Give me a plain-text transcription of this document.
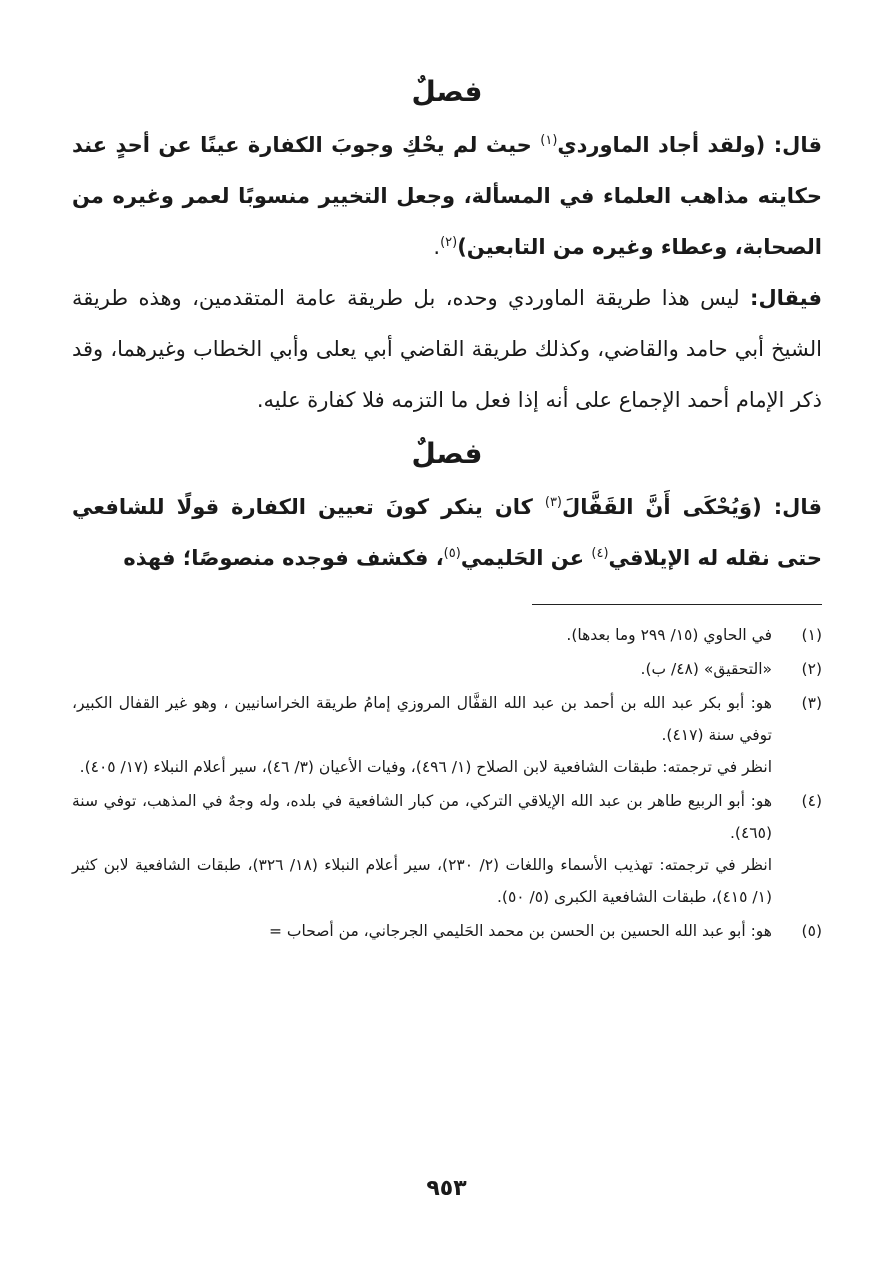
فصلٌ

قال: (ولقد أجاد الماوردي$^{(١)}$ حيث لم يحْكِ وجوبَ الكفارة عينًا عن أحدٍ عند حكايته مذاهب العلماء في المسألة، وجعل التخيير منسوبًا لعمر وغيره من الصحابة، وعطاء وغيره من التابعين)$^{(٢)}$.

فيقال: ليس هذا طريقة الماوردي وحده، بل طريقة عامة المتقدمين، وهذه طريقة الشيخ أبي حامد والقاضي، وكذلك طريقة القاضي أبي يعلى وأبي الخطاب وغيرهما، وقد ذكر الإمام أحمد الإجماع على أنه إذا فعل ما التزمه فلا كفارة عليه.

فصلٌ

قال: (وَيُحْكَى أَنَّ القَفَّالَ$^{(٣)}$ كان ينكر كونَ تعيين الكفارة قولًا للشافعي حتى نقله له الإيلاقي$^{(٤)}$ عن الحَليمي$^{(٥)}$، فكشف فوجده منصوصًا؛ فهذه

(١)
في الحاوي (١٥/ ٢٩٩ وما بعدها).
(٢)
«التحقيق» (٤٨/ ب).
(٣)
هو: أبو بكر عبد الله بن أحمد بن عبد الله القفَّال المروزي إمامُ طريقة الخراسانيين ، وهو غير القفال الكبير، توفي سنة (٤١٧).
انظر في ترجمته: طبقات الشافعية لابن الصلاح (١/ ٤٩٦)، وفيات الأعيان (٣/ ٤٦)، سير أعلام النبلاء (١٧/ ٤٠٥).
(٤)
هو: أبو الربيع طاهر بن عبد الله الإيلاقي التركي، من كبار الشافعية في بلده، وله وجهٌ في المذهب، توفي سنة (٤٦٥).
انظر في ترجمته: تهذيب الأسماء واللغات (٢/ ٢٣٠)، سير أعلام النبلاء (١٨/ ٣٢٦)، طبقات الشافعية لابن كثير (١/ ٤١٥)، طبقات الشافعية الكبرى (٥/ ٥٠).
(٥)
هو: أبو عبد الله الحسين بن الحسن بن محمد الحَليمي الجرجاني، من أصحاب =
٩٥٣
